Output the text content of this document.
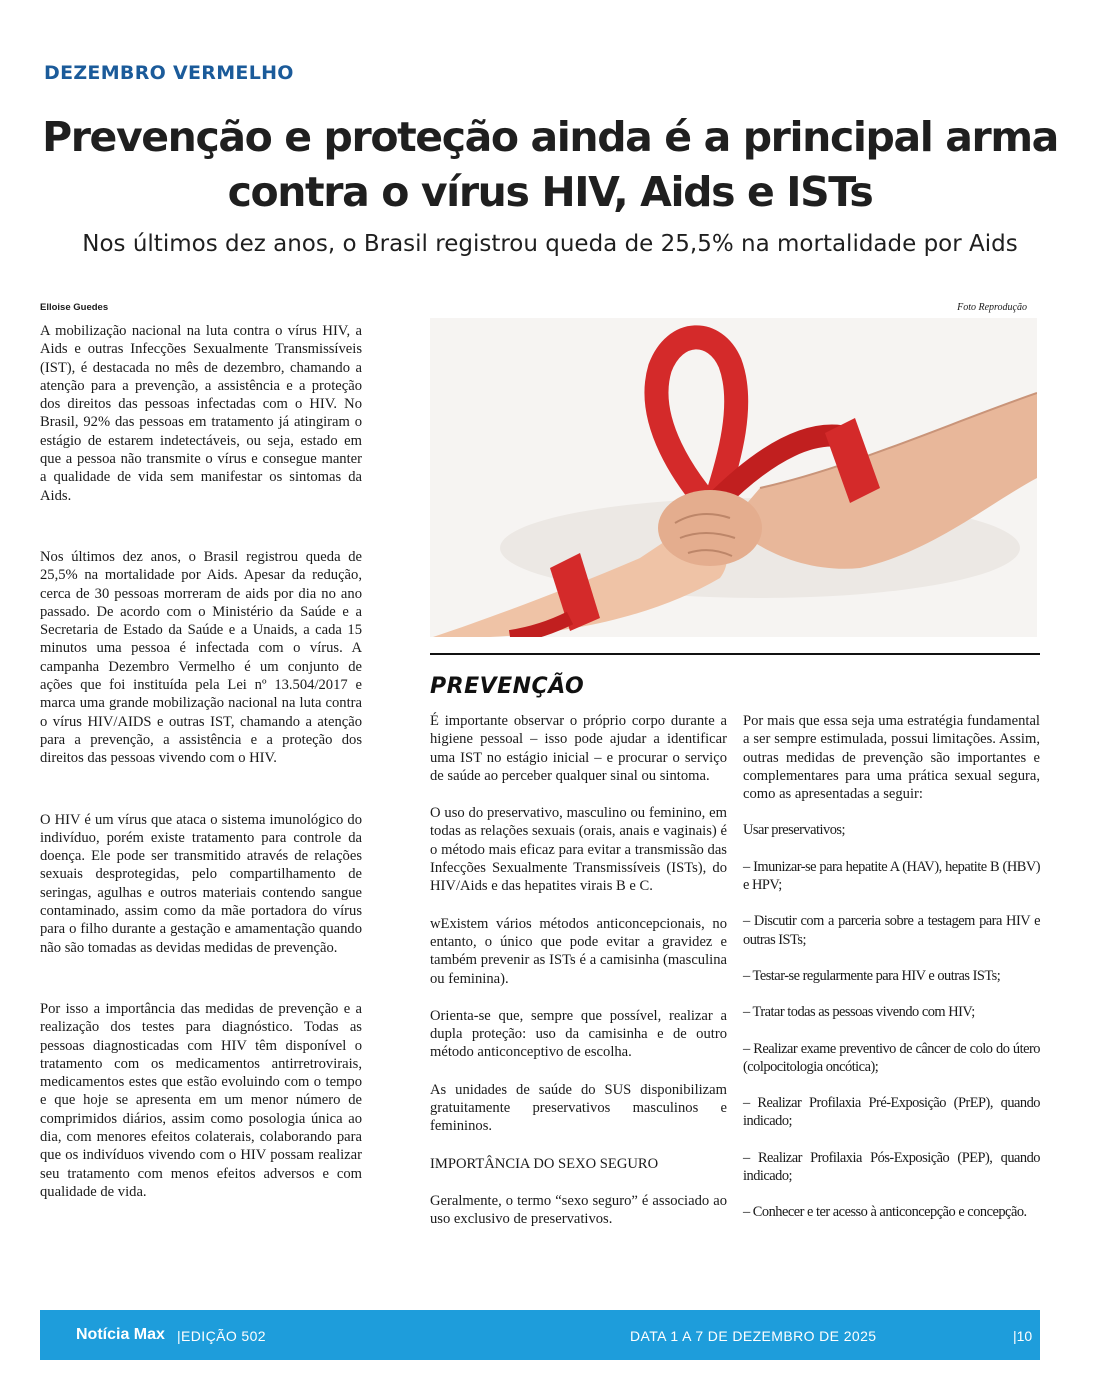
DEZEMBRO VERMELHO
Prevenção e proteção ainda é a principal arma
contra o vírus HIV, Aids e ISTs
Nos últimos dez anos, o Brasil registrou queda de 25,5% na mortalidade por Aids
Elloise Guedes	Foto Reprodução

A mobilização nacional na luta contra o vírus HIV, a Aids e outras Infecções Sexualmente Transmissíveis (IST), é destacada no mês de dezembro, chamando a atenção para a prevenção, a assistência e a proteção dos direitos das pessoas infectadas com o HIV. No Brasil, 92% das pessoas em tratamento já atingiram o estágio de estarem indetectáveis, ou seja, estado em que a pessoa não transmite o vírus e consegue manter a qualidade de vida sem manifestar os sintomas da Aids.

Nos últimos dez anos, o Brasil registrou queda de 25,5% na mortalidade por Aids. Apesar da redução, cerca de 30 pessoas morreram de aids por dia no ano passado. De acordo com o Ministério da Saúde e a Secretaria de Estado da Saúde e a Unaids, a cada 15 minutos uma pessoa é infectada com o vírus. A campanha Dezembro Vermelho é um conjunto de ações que foi instituída pela Lei nº 13.504/2017 e marca uma grande mobilização nacional na luta contra o vírus HIV/AIDS e outras IST, chamando a atenção para a prevenção, a assistência e a proteção dos direitos das pessoas vivendo com o HIV.

O HIV é um vírus que ataca o sistema imunológico do indivíduo, porém existe tratamento para controle da doença. Ele pode ser transmitido através de relações sexuais desprotegidas, pelo compartilhamento de seringas, agulhas e outros materiais contendo sangue contaminado, assim como da mãe portadora do vírus para o filho durante a gestação e amamentação quando não são tomadas as devidas medidas de prevenção.

Por isso a importância das medidas de prevenção e a realização dos testes para diagnóstico. Todas as pessoas diagnosticadas com HIV têm disponível o tratamento com os medicamentos antirretrovirais, medicamentos estes que estão evoluindo com o tempo e que hoje se apresenta em um menor número de comprimidos diários, assim como posologia única ao dia, com menores efeitos colaterais, colaborando para que os indivíduos vivendo com o HIV possam realizar seu tratamento com menos efeitos adversos e com qualidade de vida.

PREVENÇÃO

É importante observar o próprio corpo durante a higiene pessoal – isso pode ajudar a identificar uma IST no estágio inicial – e procurar o serviço de saúde ao perceber qualquer sinal ou sintoma.

O uso do preservativo, masculino ou feminino, em todas as relações sexuais (orais, anais e vaginais) é o método mais eficaz para evitar a transmissão das Infecções Sexualmente Transmissíveis (ISTs), do HIV/Aids e das hepatites virais B e C.

wExistem vários métodos anticoncepcionais, no entanto, o único que pode evitar a gravidez e também prevenir as ISTs é a camisinha (masculina ou feminina).

Orienta-se que, sempre que possível, realizar a dupla proteção: uso da camisinha e de outro método anticonceptivo de escolha.

As unidades de saúde do SUS disponibilizam gratuitamente preservativos masculinos e femininos.

IMPORTÂNCIA DO SEXO SEGURO

Geralmente, o termo “sexo seguro” é associado ao uso exclusivo de preservativos.

Por mais que essa seja uma estratégia fundamental a ser sempre estimulada, possui limitações. Assim, outras medidas de prevenção são importantes e complementares para uma prática sexual segura, como as apresentadas a seguir:

Usar preservativos;

– Imunizar-se para hepatite A (HAV), hepatite B (HBV) e HPV;

– Discutir com a parceria sobre a testagem para HIV e outras ISTs;

– Testar-se regularmente para HIV e outras ISTs;

– Tratar todas as pessoas vivendo com HIV;

– Realizar exame preventivo de câncer de colo do útero (colpocitologia oncótica);

– Realizar Profilaxia Pré-Exposição (PrEP), quando indicado;

– Realizar Profilaxia Pós-Exposição (PEP), quando indicado;

– Conhecer e ter acesso à anticoncepção e concepção.

Notícia Max |EDIÇÃO 502	DATA 1 A 7 DE DEZEMBRO DE 2025	|10
